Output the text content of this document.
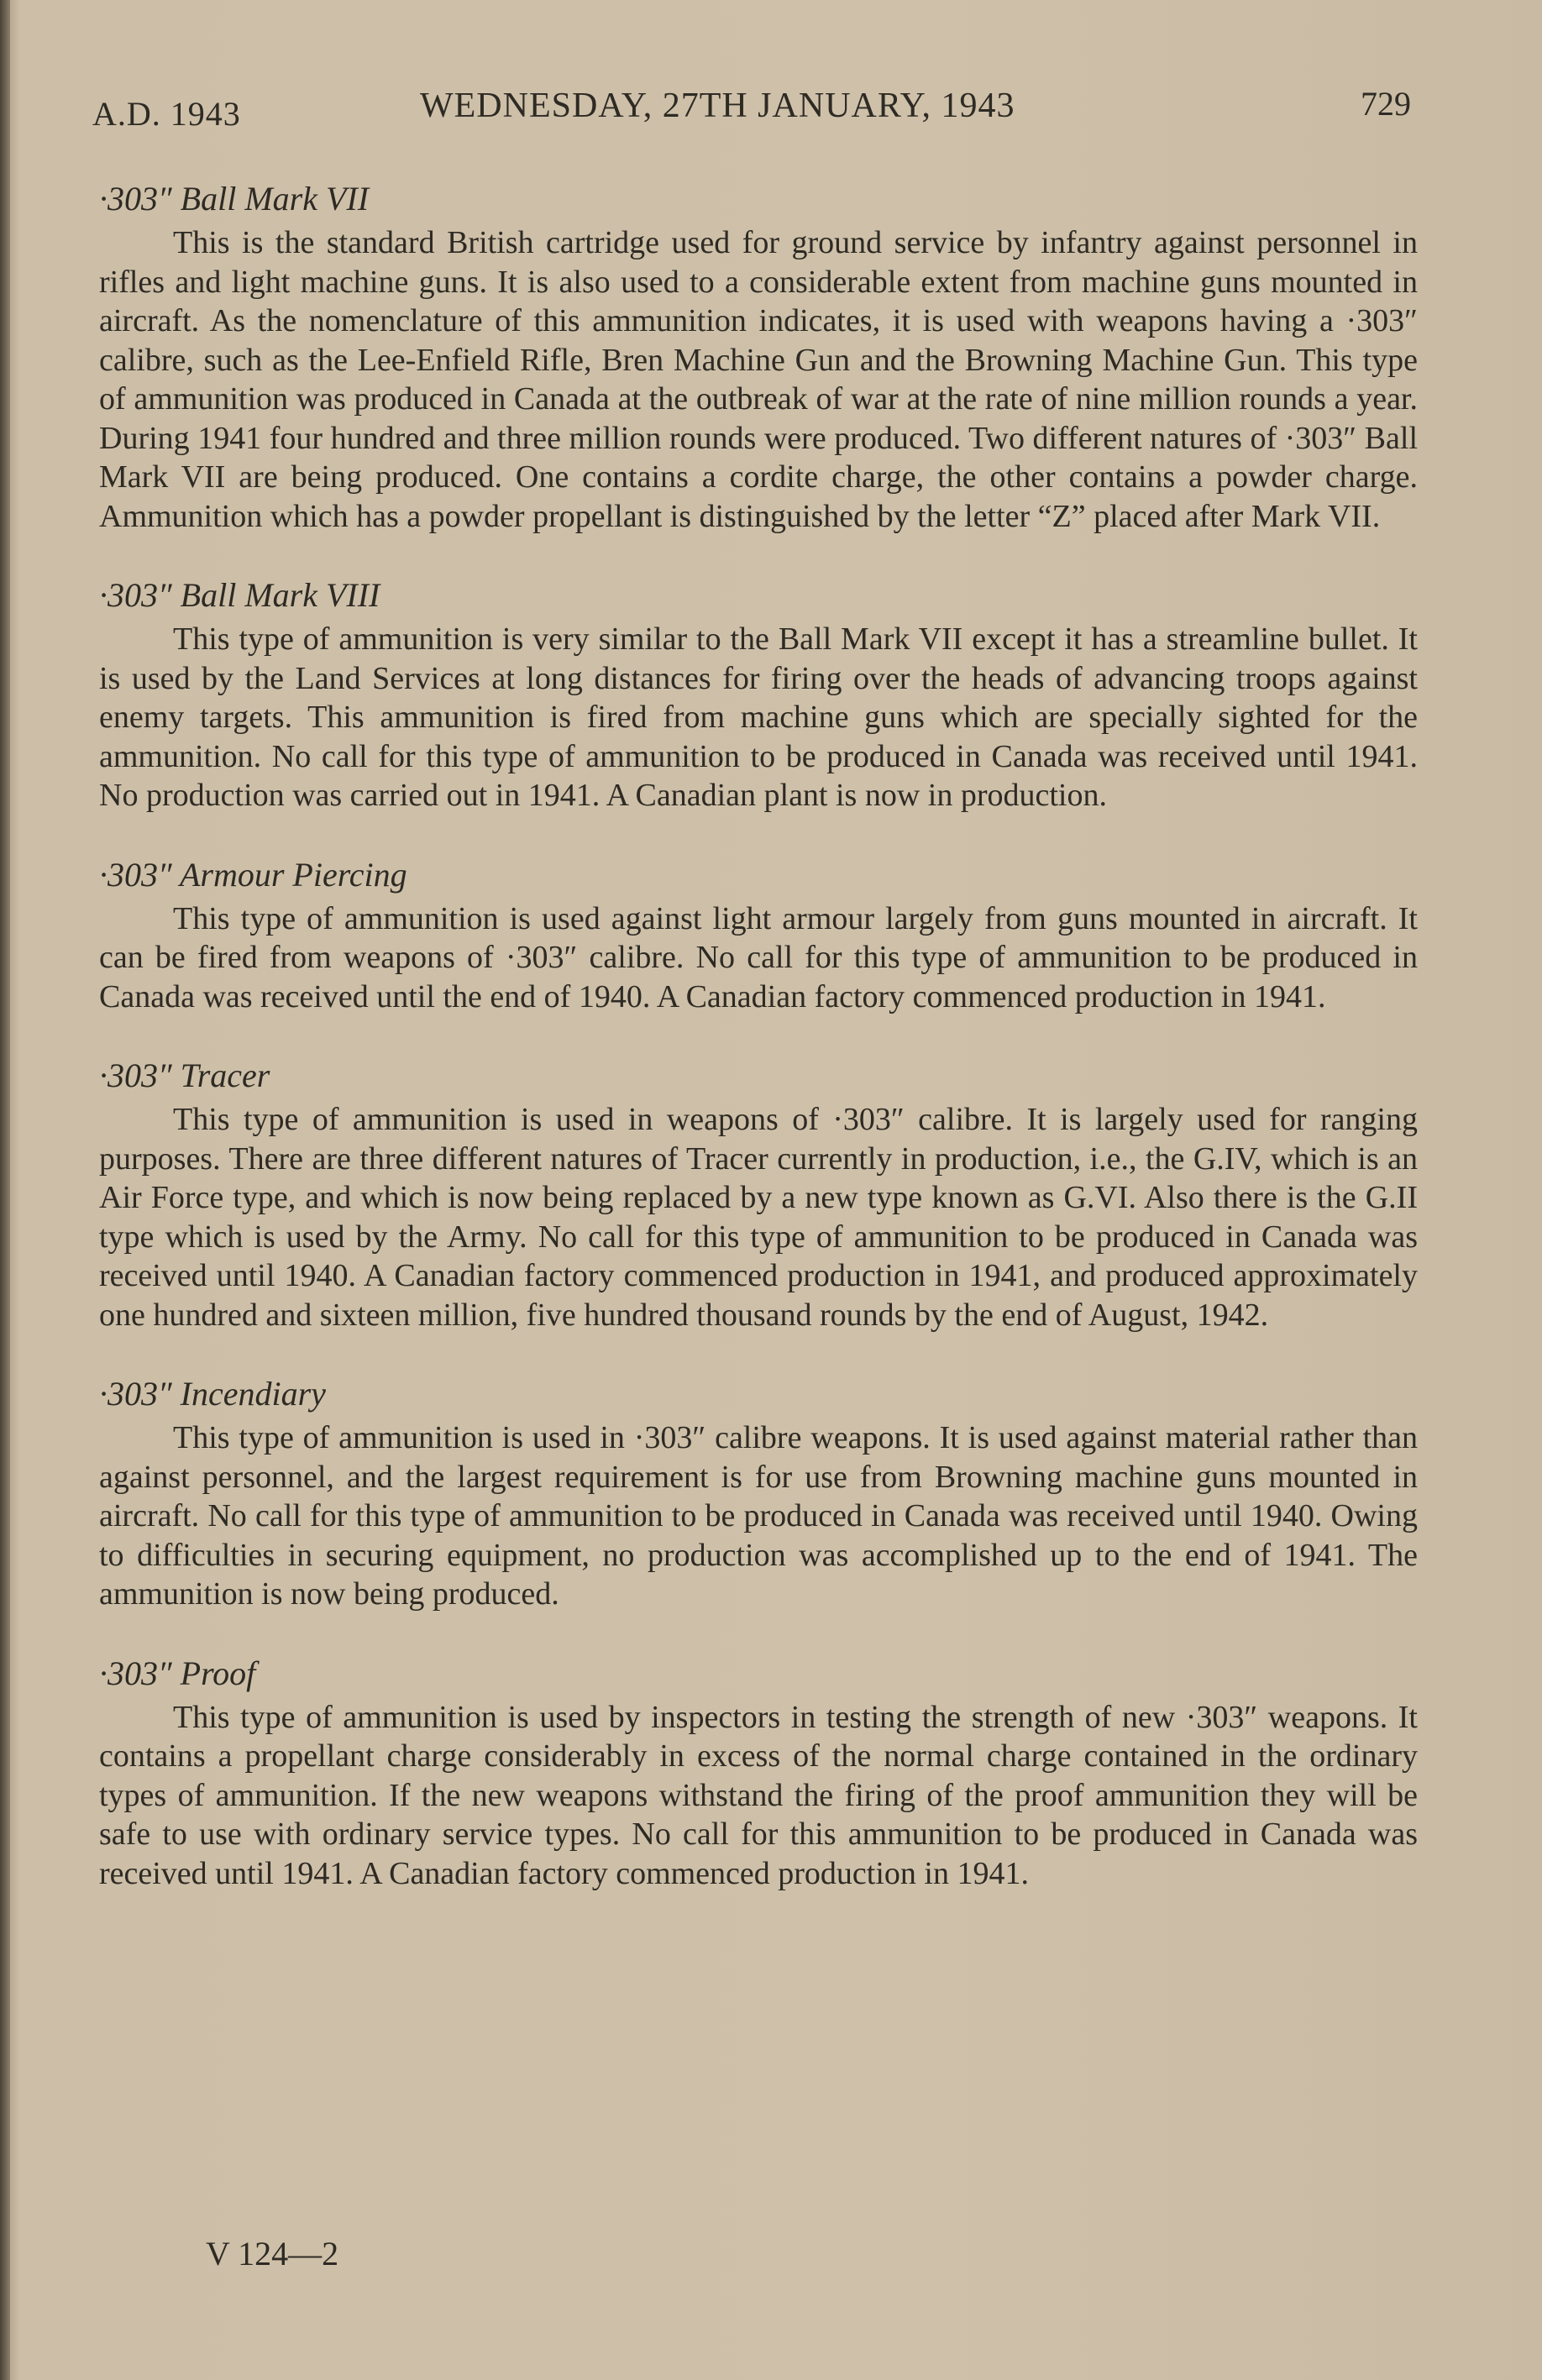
A.D. 1943	WEDNESDAY, 27TH JANUARY, 1943	729

·303″ Ball Mark VII

This is the standard British cartridge used for ground service by infantry against personnel in rifles and light machine guns. It is also used to a considerable extent from machine guns mounted in aircraft. As the nomenclature of this ammunition indicates, it is used with weapons having a ·303″ calibre, such as the Lee-Enfield Rifle, Bren Machine Gun and the Browning Machine Gun. This type of ammunition was produced in Canada at the outbreak of war at the rate of nine million rounds a year. During 1941 four hundred and three million rounds were produced. Two different natures of ·303″ Ball Mark VII are being produced. One contains a cordite charge, the other contains a powder charge. Ammunition which has a powder propellant is distinguished by the letter “Z” placed after Mark VII.

·303″ Ball Mark VIII

This type of ammunition is very similar to the Ball Mark VII except it has a streamline bullet. It is used by the Land Services at long distances for firing over the heads of advancing troops against enemy targets. This ammunition is fired from machine guns which are specially sighted for the ammunition. No call for this type of ammunition to be produced in Canada was received until 1941. No production was carried out in 1941. A Canadian plant is now in production.

·303″ Armour Piercing

This type of ammunition is used against light armour largely from guns mounted in aircraft. It can be fired from weapons of ·303″ calibre. No call for this type of ammunition to be produced in Canada was received until the end of 1940. A Canadian factory commenced production in 1941.

·303″ Tracer

This type of ammunition is used in weapons of ·303″ calibre. It is largely used for ranging purposes. There are three different natures of Tracer currently in production, i.e., the G.IV, which is an Air Force type, and which is now being replaced by a new type known as G.VI. Also there is the G.II type which is used by the Army. No call for this type of ammunition to be produced in Canada was received until 1940. A Canadian factory commenced production in 1941, and produced approximately one hundred and sixteen million, five hundred thousand rounds by the end of August, 1942.

·303″ Incendiary

This type of ammunition is used in ·303″ calibre weapons. It is used against material rather than against personnel, and the largest requirement is for use from Browning machine guns mounted in aircraft. No call for this type of ammunition to be produced in Canada was received until 1940. Owing to difficulties in securing equipment, no production was accomplished up to the end of 1941. The ammunition is now being produced.

·303″ Proof

This type of ammunition is used by inspectors in testing the strength of new ·303″ weapons. It contains a propellant charge considerably in excess of the normal charge contained in the ordinary types of ammunition. If the new weapons withstand the firing of the proof ammunition they will be safe to use with ordinary service types. No call for this ammunition to be produced in Canada was received until 1941. A Canadian factory commenced production in 1941.

V 124—2
